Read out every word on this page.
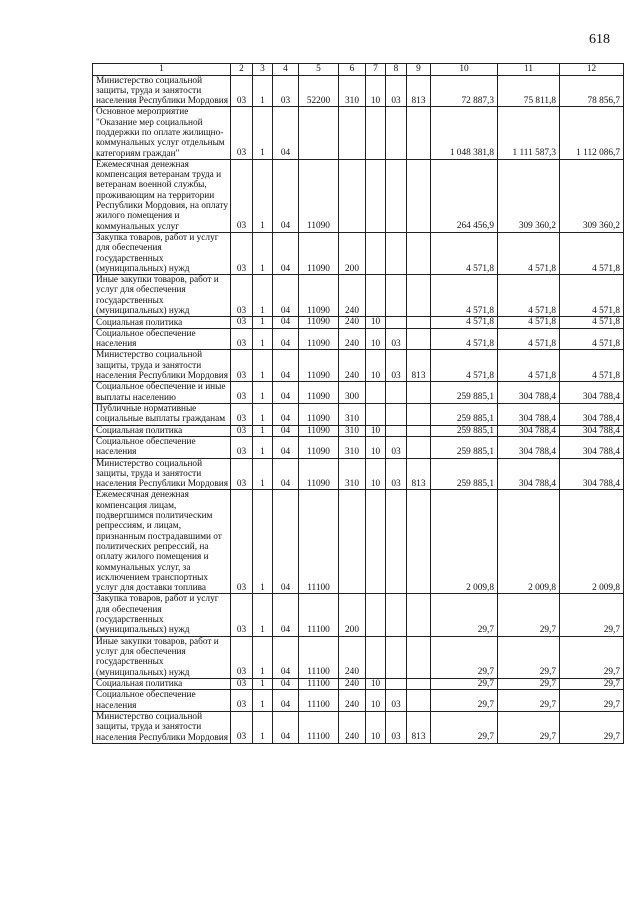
618
1	2	3	4	5	6	7	8	9	10	11	12
Министерство социальной защиты, труда и занятости населения Республики Мордовия	03	1	03	52200	310	10	03	813	72 887,3	75 811,8	78 856,7
Основное мероприятие "Оказание мер социальной поддержки по оплате жилищно-коммунальных услуг отдельным категориям граждан"	03	1	04						1 048 381,8	1 111 587,3	1 112 086,7
Ежемесячная денежная компенсация ветеранам труда и ветеранам военной службы, проживающим на территории Республики Мордовия, на оплату жилого помещения и коммунальных услуг	03	1	04	11090					264 456,9	309 360,2	309 360,2
Закупка товаров, работ и услуг для обеспечения государственных (муниципальных) нужд	03	1	04	11090	200				4 571,8	4 571,8	4 571,8
Иные закупки товаров, работ и услуг для обеспечения государственных (муниципальных) нужд	03	1	04	11090	240				4 571,8	4 571,8	4 571,8
Социальная политика	03	1	04	11090	240	10			4 571,8	4 571,8	4 571,8
Социальное обеспечение населения	03	1	04	11090	240	10	03		4 571,8	4 571,8	4 571,8
Министерство социальной защиты, труда и занятости населения Республики Мордовия	03	1	04	11090	240	10	03	813	4 571,8	4 571,8	4 571,8
Социальное обеспечение и иные выплаты населению	03	1	04	11090	300				259 885,1	304 788,4	304 788,4
Публичные нормативные социальные выплаты гражданам	03	1	04	11090	310				259 885,1	304 788,4	304 788,4
Социальная политика	03	1	04	11090	310	10			259 885,1	304 788,4	304 788,4
Социальное обеспечение населения	03	1	04	11090	310	10	03		259 885,1	304 788,4	304 788,4
Министерство социальной защиты, труда и занятости населения Республики Мордовия	03	1	04	11090	310	10	03	813	259 885,1	304 788,4	304 788,4
Ежемесячная денежная компенсация лицам, подвергшимся политическим репрессиям, и лицам, признанным пострадавшими от политических репрессий, на оплату жилого помещения и коммунальных услуг, за исключением транспортных услуг для доставки топлива	03	1	04	11100					2 009,8	2 009,8	2 009,8
Закупка товаров, работ и услуг для обеспечения государственных (муниципальных) нужд	03	1	04	11100	200				29,7	29,7	29,7
Иные закупки товаров, работ и услуг для обеспечения государственных (муниципальных) нужд	03	1	04	11100	240				29,7	29,7	29,7
Социальная политика	03	1	04	11100	240	10			29,7	29,7	29,7
Социальное обеспечение населения	03	1	04	11100	240	10	03		29,7	29,7	29,7
Министерство социальной защиты, труда и занятости населения Республики Мордовия	03	1	04	11100	240	10	03	813	29,7	29,7	29,7
